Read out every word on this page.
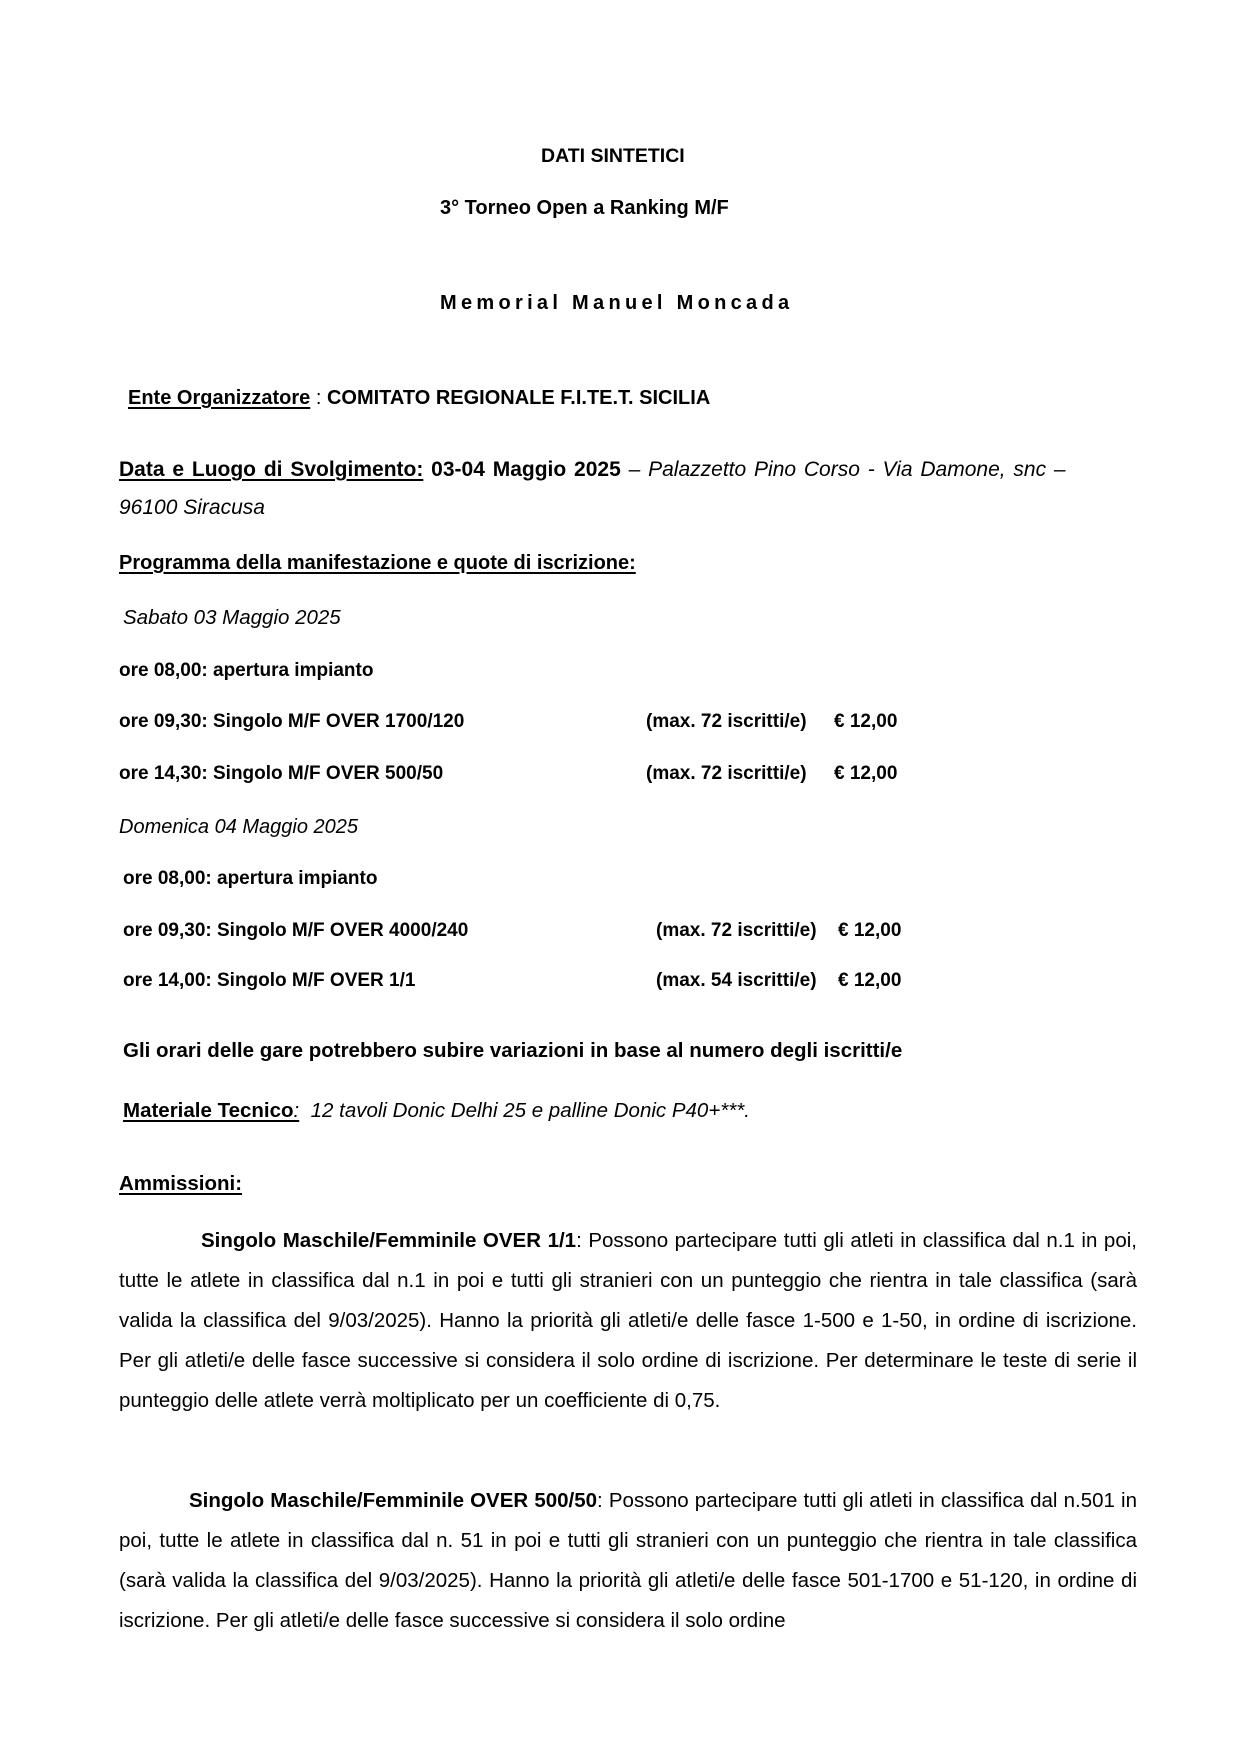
DATI SINTETICI
3° Torneo Open a Ranking M/F
Memorial Manuel Moncada
Ente Organizzatore : COMITATO REGIONALE F.I.TE.T. SICILIA
Data e Luogo di Svolgimento: 03-04 Maggio 2025 – Palazzetto Pino Corso - Via Damone, snc –
96100 Siracusa
Programma della manifestazione e quote di iscrizione:
Sabato 03 Maggio 2025
ore 08,00: apertura impianto
ore 09,30: Singolo M/F OVER 1700/120	(max. 72 iscritti/e) € 12,00
ore 14,30: Singolo M/F OVER 500/50	(max. 72 iscritti/e) € 12,00
Domenica 04 Maggio 2025
ore 08,00: apertura impianto
ore 09,30: Singolo M/F OVER 4000/240	(max. 72 iscritti/e) € 12,00
ore 14,00: Singolo M/F OVER 1/1	(max. 54 iscritti/e) € 12,00
Gli orari delle gare potrebbero subire variazioni in base al numero degli iscritti/e
Materiale Tecnico:  12 tavoli Donic Delhi 25 e palline Donic P40+***.
Ammissioni:
Singolo Maschile/Femminile OVER 1/1: Possono partecipare tutti gli atleti in classifica dal n.1 in poi, tutte le atlete in classifica dal n.1 in poi e tutti gli stranieri con un punteggio che rientra in tale classifica (sarà valida la classifica del 9/03/2025). Hanno la priorità gli atleti/e delle fasce 1-500 e 1-50, in ordine di iscrizione. Per gli atleti/e delle fasce successive si considera il solo ordine di iscrizione. Per determinare le teste di serie il punteggio delle atlete verrà moltiplicato per un coefficiente di 0,75.
Singolo Maschile/Femminile OVER 500/50: Possono partecipare tutti gli atleti in classifica dal n.501 in poi, tutte le atlete in classifica dal n. 51 in poi e tutti gli stranieri con un punteggio che rientra in tale classifica (sarà valida la classifica del 9/03/2025). Hanno la priorità gli atleti/e delle fasce 501-1700 e 51-120, in ordine di iscrizione. Per gli atleti/e delle fasce successive si considera il solo ordine
